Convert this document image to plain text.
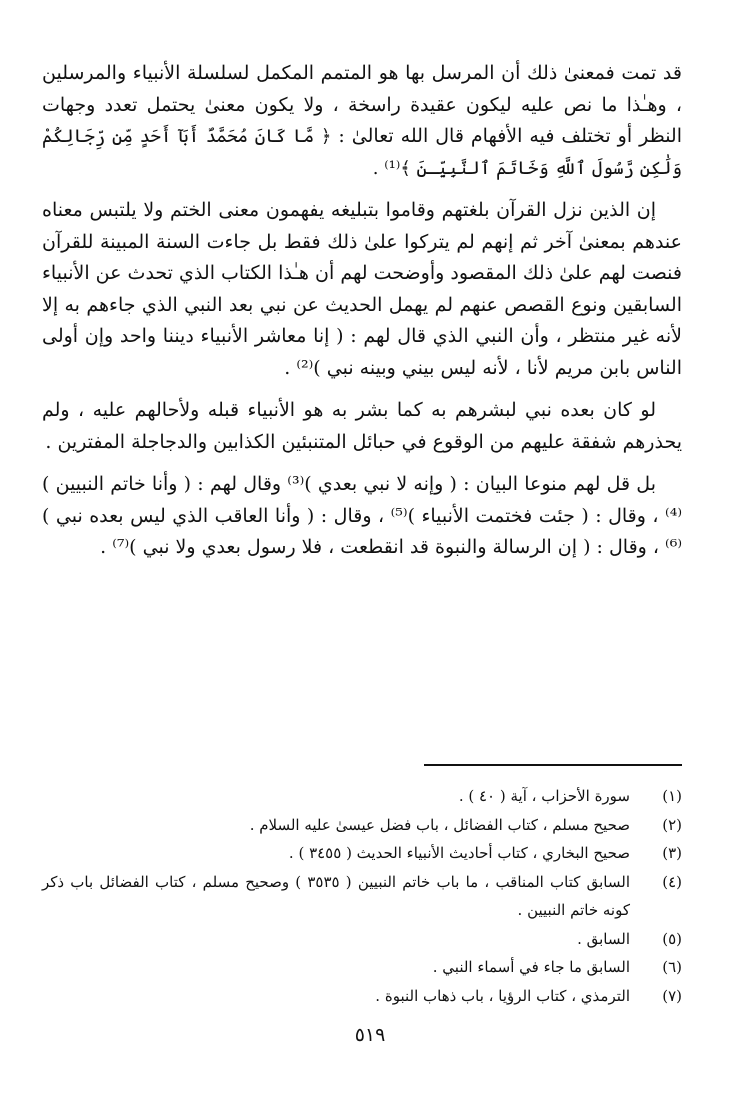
قد تمت فمعنىٰ ذلك أن المرسل بها هو المتمم المكمل لسلسلة الأنبياء والمرسلين ، وهـٰذا ما نص عليه ليكون عقيدة راسخة ، ولا يكون معنىٰ يحتمل تعدد وجهات النظر أو تختلف فيه الأفهام قال الله تعالىٰ : ﴿ مَّا كَانَ مُحَمَّدٌ أَبَآ أَحَدٍ مِّن رِّجَالِكُمْ وَلَٰكِن رَّسُولَ ٱللَّهِ وَخَاتَمَ ٱلنَّبِيِّـنَ ﴾⁽¹⁾ .

إن الذين نزل القرآن بلغتهم وقاموا بتبليغه يفهمون معنى الختم ولا يلتبس معناه عندهم بمعنىٰ آخر ثم إنهم لم يتركوا علىٰ ذلك فقط بل جاءت السنة المبينة للقرآن فنصت لهم علىٰ ذلك المقصود وأوضحت لهم أن هـٰذا الكتاب الذي تحدث عن الأنبياء السابقين ونوع القصص عنهم لم يهمل الحديث عن نبي بعد النبي الذي جاءهم به إلا لأنه غير منتظر ، وأن النبي الذي قال لهم : ( إنا معاشر الأنبياء ديننا واحد وإن أولى الناس بابن مريم لأنا ، لأنه ليس بيني وبينه نبي )⁽²⁾ .

لو كان بعده نبي لبشرهم به كما بشر به هو الأنبياء قبله ولأحالهم عليه ، ولم يحذرهم شفقة عليهم من الوقوع في حبائل المتنبئين الكذابين والدجاجلة المفترين .

بل قل لهم منوعا البيان : ( وإنه لا نبي بعدي )⁽³⁾ وقال لهم : ( وأنا خاتم النبيين )⁽⁴⁾ ، وقال : ( جئت فختمت الأنبياء )⁽⁵⁾ ، وقال : ( وأنا العاقب الذي ليس بعده نبي )⁽⁶⁾ ، وقال : ( إن الرسالة والنبوة قد انقطعت ، فلا رسول بعدي ولا نبي )⁽⁷⁾ .

(١)
سورة الأحزاب ، آية ( ٤٠ ) .
(٢)
صحيح مسلم ، كتاب الفضائل ، باب فضل عيسىٰ عليه السلام .
(٣)
صحيح البخاري ، كتاب أحاديث الأنبياء الحديث ( ٣٤٥٥ ) .
(٤)
السابق كتاب المناقب ، ما باب خاتم النبيين ( ٣٥٣٥ ) وصحيح مسلم ، كتاب الفضائل باب ذكر كونه خاتم النبيين .
(٥)
السابق .
(٦)
السابق ما جاء في أسماء النبي .
(٧)
الترمذي ، كتاب الرؤيا ، باب ذهاب النبوة .
٥١٩
